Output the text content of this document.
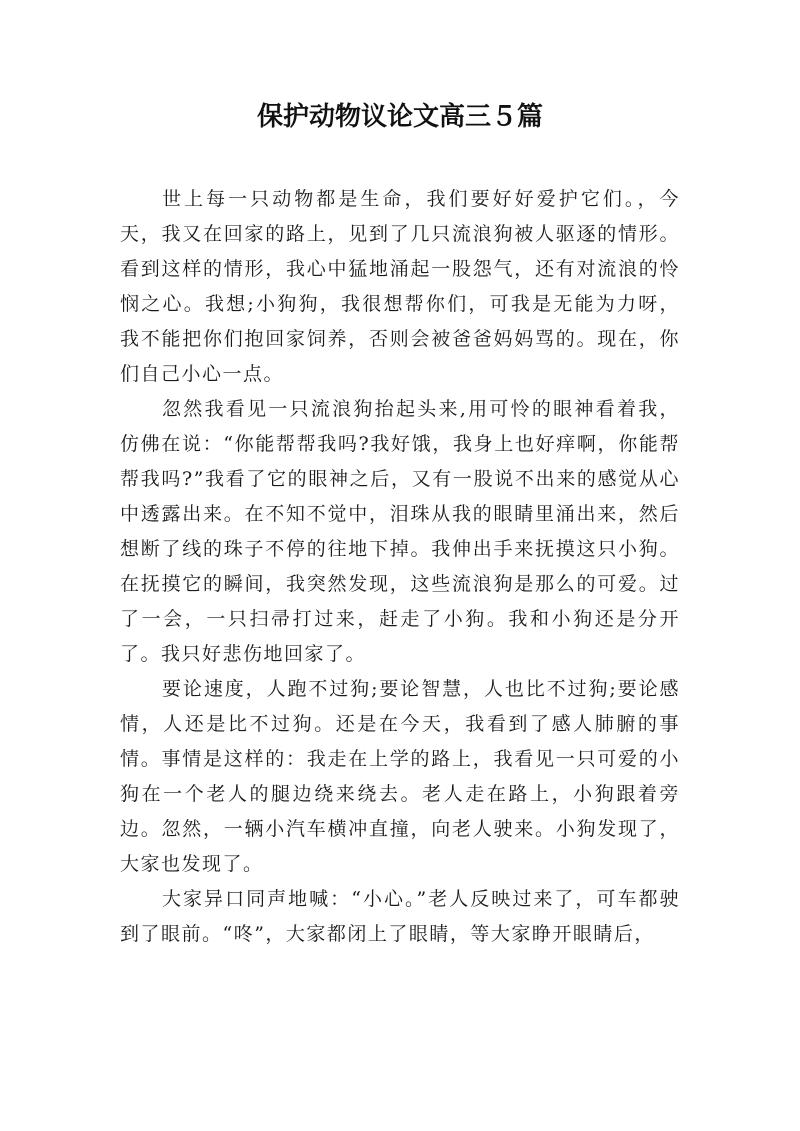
保护动物议论文高三５篇

世上每一只动物都是生命，我们要好好爱护它们。，今天，我又在回家的路上，见到了几只流浪狗被人驱逐的情形。看到这样的情形，我心中猛地涌起一股怨气，还有对流浪的怜悯之心。我想;小狗狗，我很想帮你们，可我是无能为力呀，我不能把你们抱回家饲养，否则会被爸爸妈妈骂的。现在，你们自己小心一点。

忽然我看见一只流浪狗抬起头来,用可怜的眼神看着我，仿佛在说：“你能帮帮我吗?我好饿，我身上也好痒啊，你能帮帮我吗?”我看了它的眼神之后，又有一股说不出来的感觉从心中透露出来。在不知不觉中，泪珠从我的眼睛里涌出来，然后想断了线的珠子不停的往地下掉。我伸出手来抚摸这只小狗。在抚摸它的瞬间，我突然发现，这些流浪狗是那么的可爱。过了一会，一只扫帚打过来，赶走了小狗。我和小狗还是分开了。我只好悲伤地回家了。

要论速度，人跑不过狗;要论智慧，人也比不过狗;要论感情，人还是比不过狗。还是在今天，我看到了感人肺腑的事情。事情是这样的：我走在上学的路上，我看见一只可爱的小狗在一个老人的腿边绕来绕去。老人走在路上，小狗跟着旁边。忽然，一辆小汽车横冲直撞，向老人驶来。小狗发现了，大家也发现了。

大家异口同声地喊：“小心。”老人反映过来了，可车都驶到了眼前。“咚”，大家都闭上了眼睛，等大家睁开眼睛后，
